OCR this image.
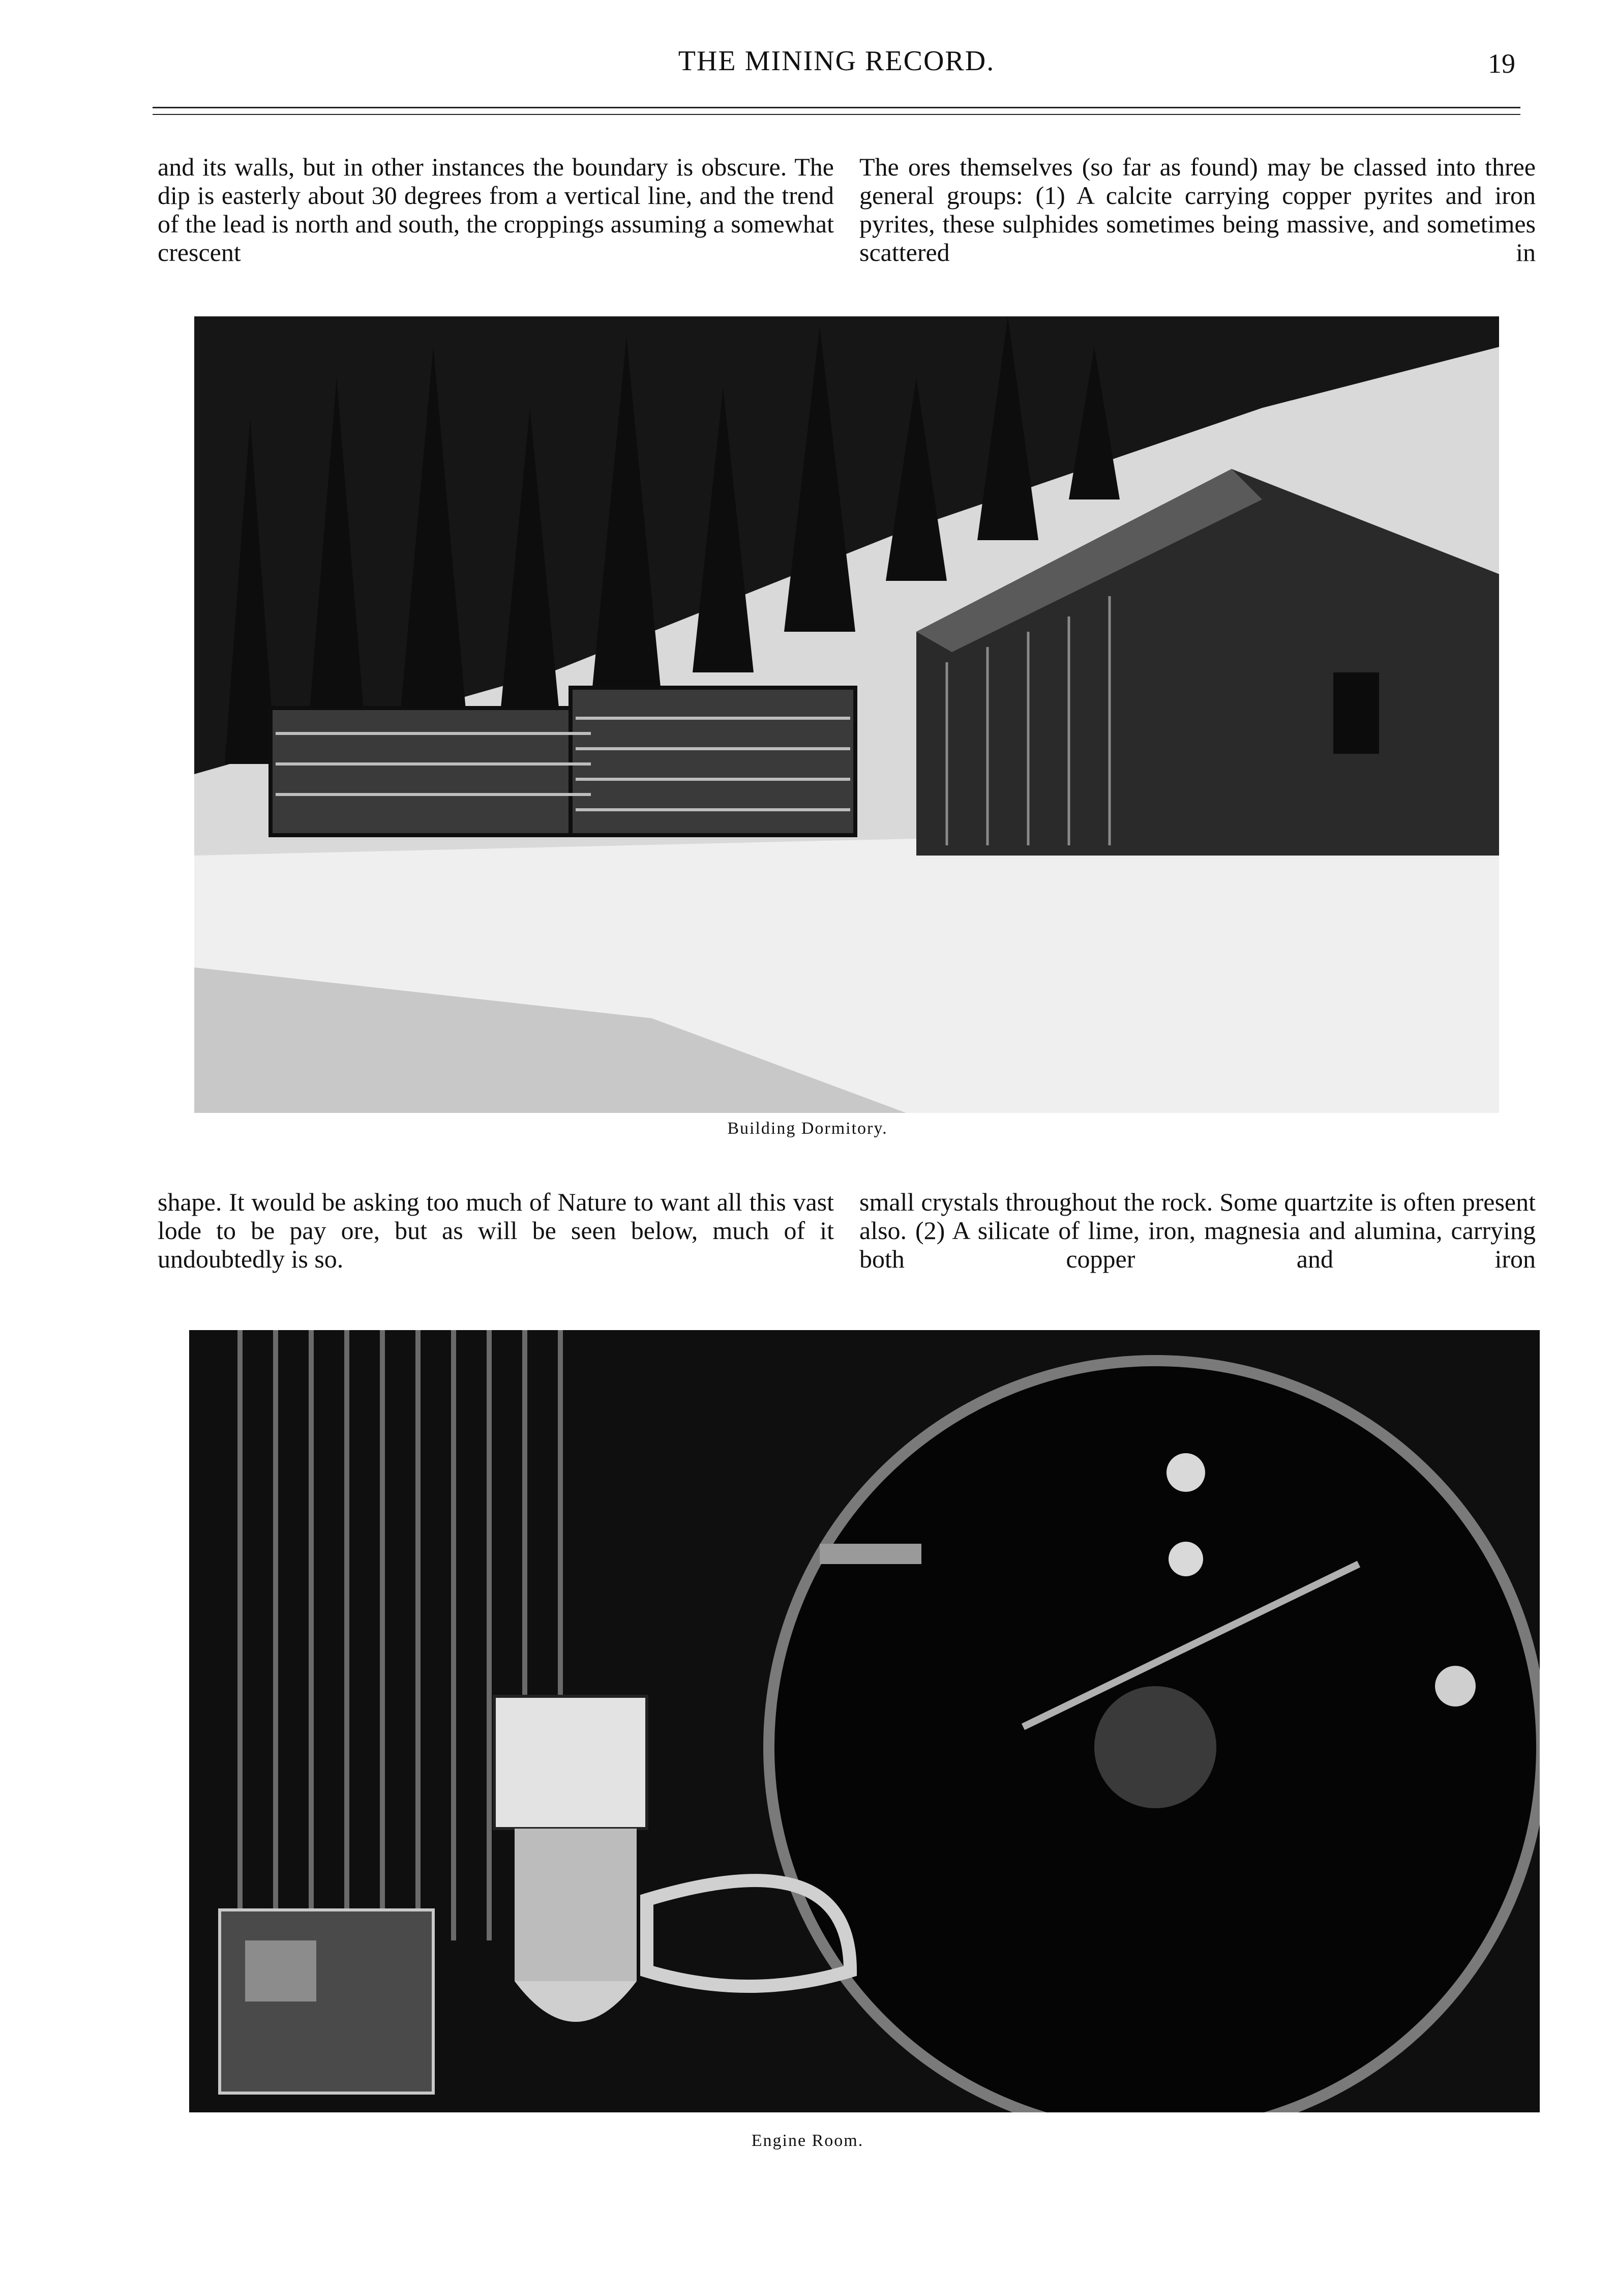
THE MINING RECORD.	19
and its walls, but in other instances the boundary is obscure. The dip is easterly about 30 degrees from a vertical line, and the trend of the lead is north and south, the croppings assuming a somewhat crescent
The ores themselves (so far as found) may be classed into three general groups: (1) A calcite carrying copper pyrites and iron pyrites, these sulphides sometimes being massive, and sometimes scattered in
Building Dormitory.
shape. It would be asking too much of Nature to want all this vast lode to be pay ore, but as will be seen below, much of it undoubtedly is so.
small crystals throughout the rock. Some quartzite is often present also. (2) A silicate of lime, iron, magnesia and alumina, carrying both copper and iron
Engine Room.
